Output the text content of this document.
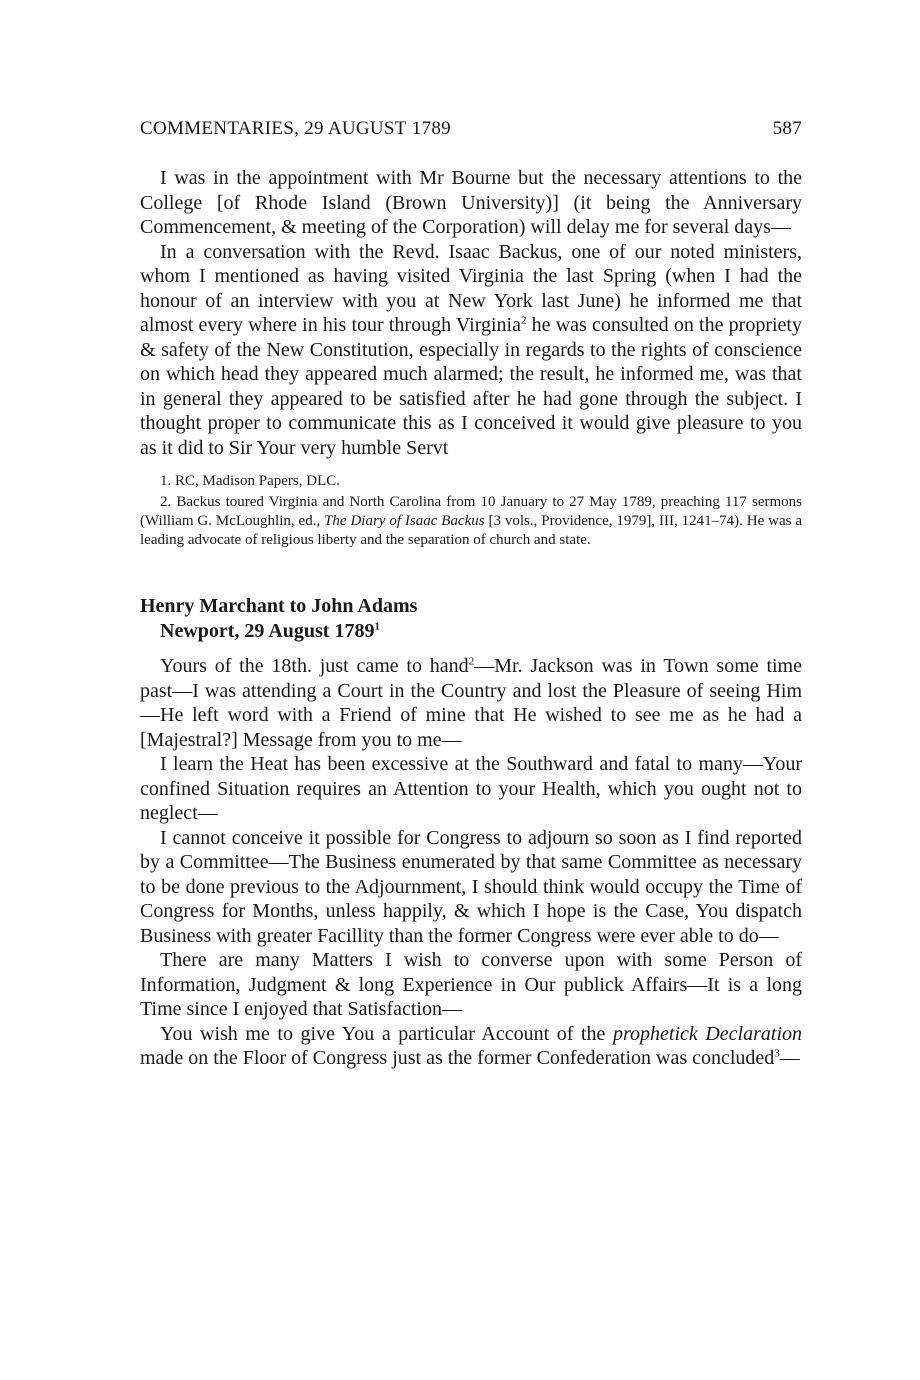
COMMENTARIES, 29 AUGUST 1789	587

I was in the appointment with Mr Bourne but the necessary attentions to the College [of Rhode Island (Brown University)] (it being the Anniversary Commencement, & meeting of the Corporation) will delay me for several days—

In a conversation with the Revd. Isaac Backus, one of our noted ministers, whom I mentioned as having visited Virginia the last Spring (when I had the honour of an interview with you at New York last June) he informed me that almost every where in his tour through Virginia$^2$ he was consulted on the propriety & safety of the New Constitution, especially in regards to the rights of conscience on which head they appeared much alarmed; the result, he informed me, was that in general they appeared to be satisfied after he had gone through the subject. I thought proper to communicate this as I conceived it would give pleasure to you as it did to Sir Your very humble Servt

1. RC, Madison Papers, DLC.

2. Backus toured Virginia and North Carolina from 10 January to 27 May 1789, preaching 117 sermons (William G. McLoughlin, ed., The Diary of Isaac Backus [3 vols., Providence, 1979], III, 1241–74). He was a leading advocate of religious liberty and the separation of church and state.

Henry Marchant to John Adams
Newport, 29 August 1789$^1$

Yours of the 18th. just came to hand$^2$—Mr. Jackson was in Town some time past—I was attending a Court in the Country and lost the Pleasure of seeing Him—He left word with a Friend of mine that He wished to see me as he had a [Majestral?] Message from you to me—

I learn the Heat has been excessive at the Southward and fatal to many—Your confined Situation requires an Attention to your Health, which you ought not to neglect—

I cannot conceive it possible for Congress to adjourn so soon as I find reported by a Committee—The Business enumerated by that same Committee as necessary to be done previous to the Adjournment, I should think would occupy the Time of Congress for Months, unless happily, & which I hope is the Case, You dispatch Business with greater Facillity than the former Congress were ever able to do—

There are many Matters I wish to converse upon with some Person of Information, Judgment & long Experience in Our publick Affairs—It is a long Time since I enjoyed that Satisfaction—

You wish me to give You a particular Account of the prophetick Declaration made on the Floor of Congress just as the former Confederation was concluded$^3$—
